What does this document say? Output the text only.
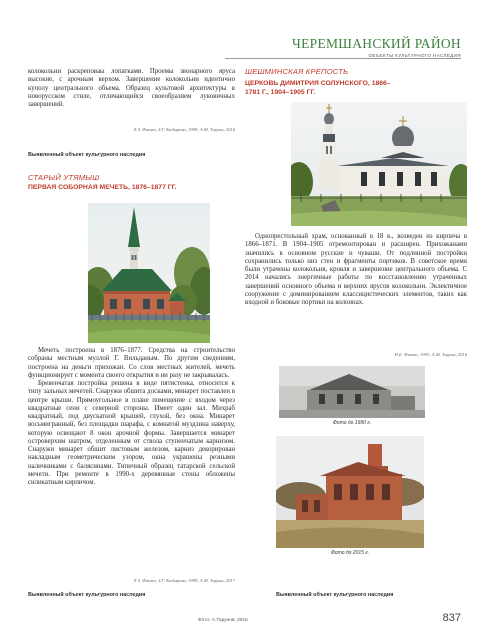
ЧЕРЕМШАНСКИЙ РАЙОН
ОБЪЕКТЫ КУЛЬТУРНОГО НАСЛЕДИЯ

колокольни раскреповаы лопатками. Проемы звонарного яруса высокие, с арочным верхом. Завершение колокольни идентично куполу центрального объема. Образец культовой архитектуры в новорусском стиле, отличающийся своеобразием луковичных завершений.

Л.З. Фашко, З.Г. Кадырова, 1999; А.М. Таруни, 2016
Выявленный объект культурного наследия
СТАРЫЙ УТЯМЫШ
ПЕРВАЯ СОБОРНАЯ МЕЧЕТЬ, 1876–1877 ГГ.

Мечеть построена в 1876–1877. Средства на строительство собраны местным муллой Г. Вильданым. По другим сведениям, построена на деньги прихожан. Со слов местных жителей, мечеть функционирует с момента своего открытия и ни разу не закрывалась.

Бревенчатая постройка решена в виде пятистенка, относится к типу зальных мечетей. Снаружи обшита досками, минарет поставлен в центре крыши. Прямоугольное в плане помещение с входом через квадратные сени с северной стороны. Имеет один зал. Михраб квадратный, под двускатной крышей, глухой, без окна. Минарет восьмигранный, без площадки шарафа, с комнатой муэдзина наверху, которую освещают 8 окон арочной формы. Завершается минарет островерхим шатром, отделенным от ствола ступенчатым карнизом. Снаружи минарет обшит листовым железом, карниз декорирован накладным геометрическим узором, окна украшены резными наличниками с балясинами. Типичный образец татарской сельской мечети. При ремонте в 1990-х деревянные стены обложены силикатным кирпичом.

Л.З. Фашко, З.Г. Кадырова, 1999; А.М. Таруни, 2017
Выявленный объект культурного наследия
ШЕШМИНСКАЯ КРЕПОСТЬ
ЦЕРКОВЬ ДИМИТРИЯ СОЛУНСКОГО, 1866–1781 Г., 1904–1905 ГГ.

Однопрестольный храм, основанный в 18 в., возведен из кирпича в 1866–1871. В 1904–1905 отремонтирован и расширен. Прихожанами значились в основном русские и чуваши. От подлинной постройки сохранились только низ стен и фрагменты портиков. В советское время были утрачены колокольня, кровля и завершение центрального объема. С 2014 начались энергичные работы по восстановлению утраченных завершений основного объема и верхних ярусов колокольни. Эклектичное сооружение с доминированием классицистических элементов, таких как входной и боковые портики на колоннах.

Н.Б. Фашко, 1993; А.М. Таруни, 2016
Фото до 1990 г.
Фото до 2015 г.
Выявленный объект культурного наследия
Фото: А.Тарунов, 2015	837
